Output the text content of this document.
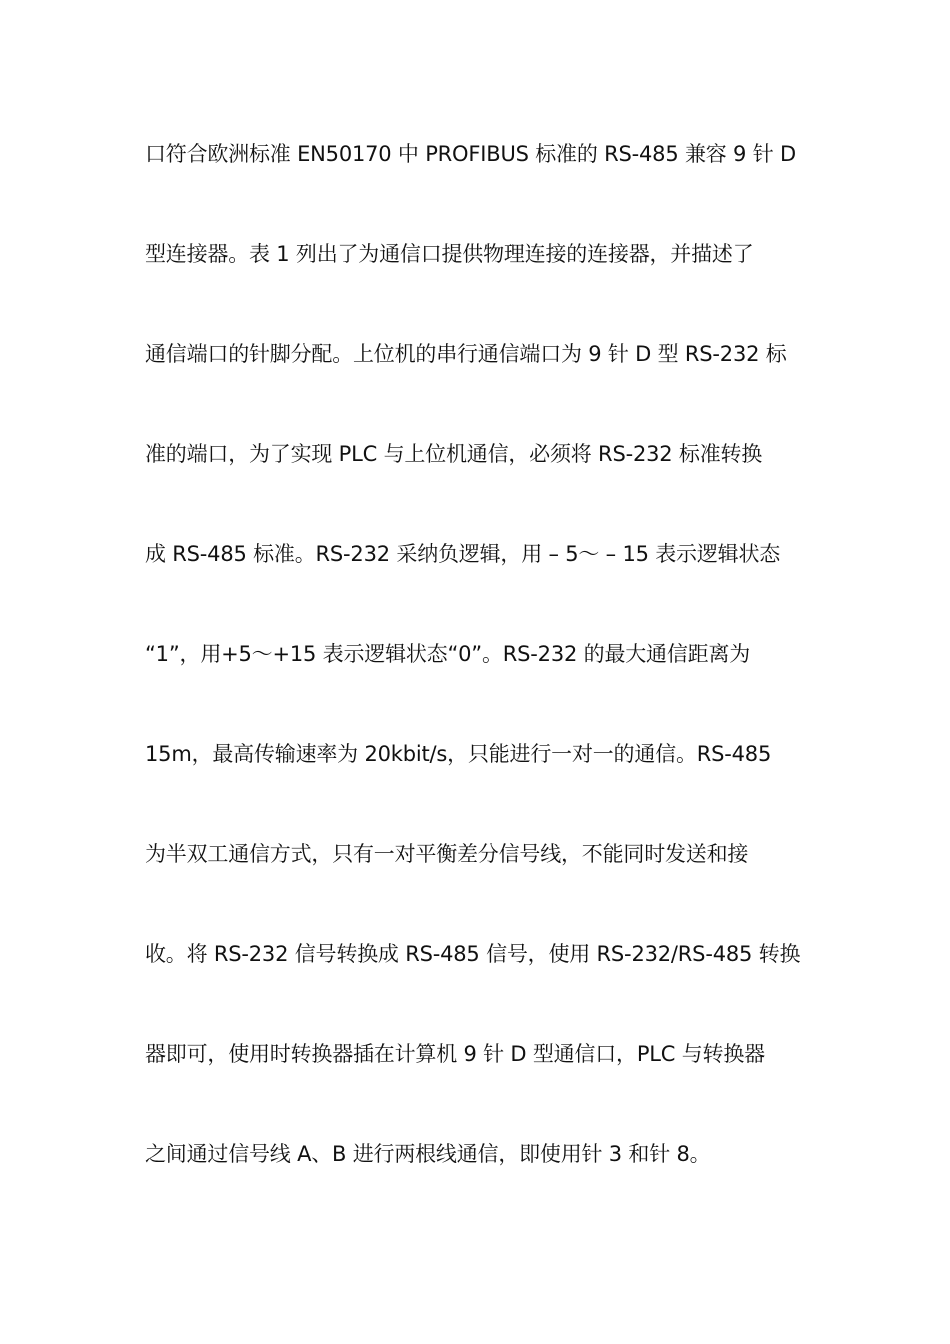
口符合欧洲标准 EN50170 中 PROFIBUS 标准的 RS-485 兼容 9 针 D
型连接器。表 1 列出了为通信口提供物理连接的连接器，并描述了
通信端口的针脚分配。上位机的串行通信端口为 9 针 D 型 RS-232 标
准的端口，为了实现 PLC 与上位机通信，必须将 RS-232 标准转换
成 RS-485 标准。RS-232 采纳负逻辑，用 – 5～ – 15 表示逻辑状态
“1”，用+5～+15 表示逻辑状态“0”。RS-232 的最大通信距离为
15m，最高传输速率为 20kbit/s，只能进行一对一的通信。RS-485
为半双工通信方式，只有一对平衡差分信号线，不能同时发送和接
收。将 RS-232 信号转换成 RS-485 信号，使用 RS-232/RS-485 转换
器即可，使用时转换器插在计算机 9 针 D 型通信口，PLC 与转换器
之间通过信号线 A、B 进行两根线通信，即使用针 3 和针 8。
